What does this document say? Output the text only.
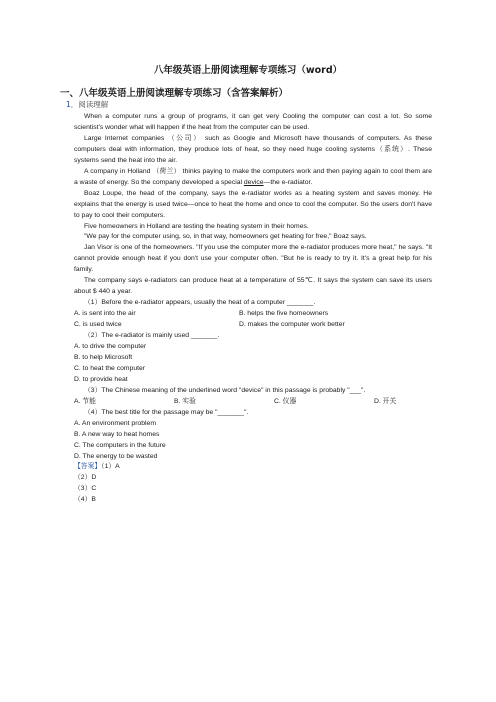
八年级英语上册阅读理解专项练习（word）
一、八年级英语上册阅读理解专项练习（含答案解析）
1．阅读理解

When a computer runs a group of programs, it can get very Cooling the computer can cost a lot. So some scientist's wonder what will happen if the heat from the computer can be used.

Large Internet companies （公司） such as Google and Microsoft have thousands of computers. As these computers deal with information, they produce lots of heat, so they need huge cooling systems（系统）. These systems send the heat into the air.

A company in Holland （荷兰） thinks paying to make the computers work and then paying again to cool them are a waste of energy. So the company developed a special device—the e-radiator.

Boaz Loupe, the head of the company, says the e-radiator works as a heating system and saves money. He explains that the energy is used twice—once to heat the home and once to cool the computer. So the users don't have to pay to cool their computers.

Five homeowners in Holland are testing the heating system in their homes.

"We pay for the computer using, so, in that way, homeowners get heating for free," Boaz says.

Jan Visor is one of the homeowners. "If you use the computer more the e-radiator produces more heat," he says. "It cannot provide enough heat if you don't use your computer often. "But he is ready to try it. It's a great help for his family.

The company says e-radiators can produce heat at a temperature of 55℃. It says the system can save its users about $ 440 a year.

（1）Before the e-radiator appears, usually the heat of a computer _______.

A. is sent into the air	B. helps the five homeowners
C. is used twice	D. makes the computer work better

（2）The e-radiator is mainly used _______.

A. to drive the computer

B. to help Microsoft

C. to heat the computer

D. to provide heat

（3）The Chinese meaning of the underlined word "device" in this passage is probably "___".

A. 节能	B. 实验	C. 仪器	D. 开关

（4）The best title for the passage may be "_______".

A. An environment problem

B. A new way to heat homes

C. The computers in the future

D. The energy to be wasted

【答案】（1）A

（2）D

（3）C

（4）B
